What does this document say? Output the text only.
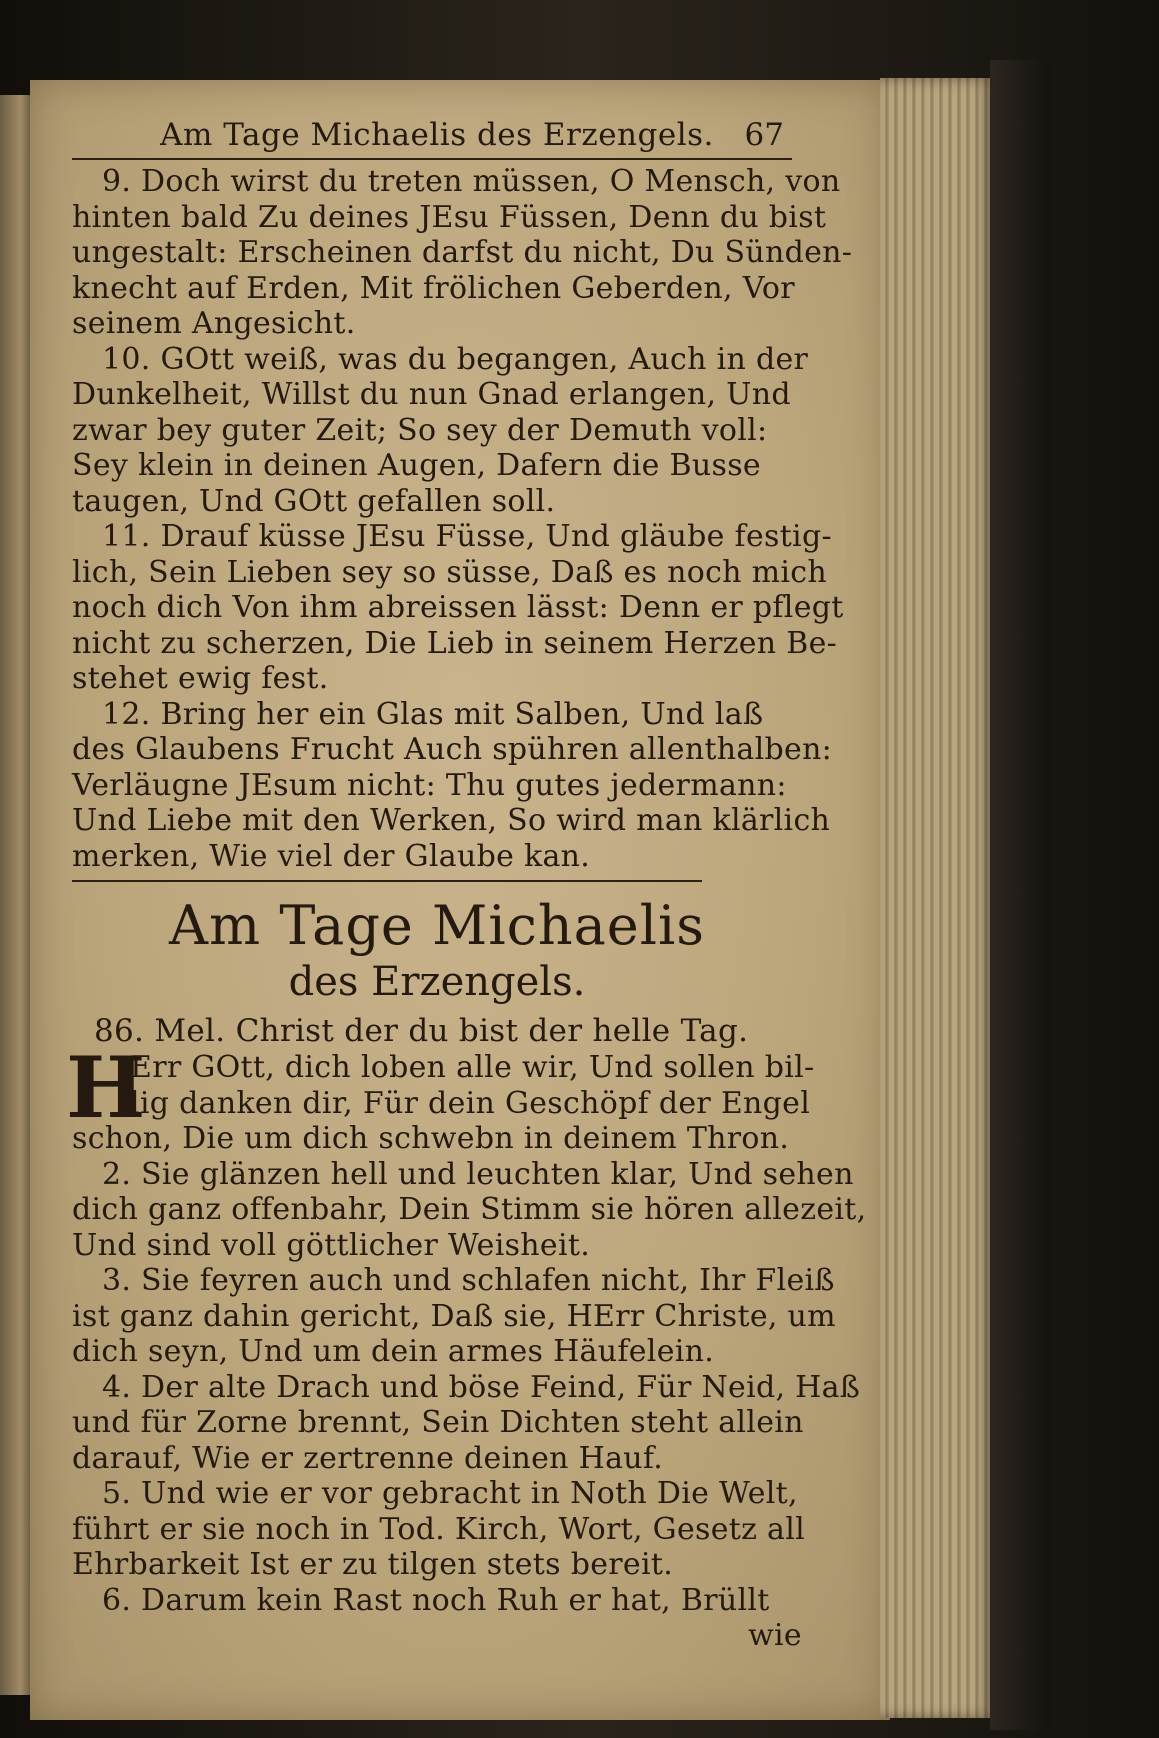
Am Tage Michaelis des Erzengels. 67
9. Doch wirst du treten müssen, O Mensch, von
hinten bald Zu deines JEsu Füssen, Denn du bist
ungestalt: Erscheinen darfst du nicht, Du Sünden-
knecht auf Erden, Mit frölichen Geberden, Vor
seinem Angesicht.
10. GOtt weiß, was du begangen, Auch in der
Dunkelheit, Willst du nun Gnad erlangen, Und
zwar bey guter Zeit; So sey der Demuth voll:
Sey klein in deinen Augen, Dafern die Busse
taugen, Und GOtt gefallen soll.
11. Drauf küsse JEsu Füsse, Und gläube festig-
lich, Sein Lieben sey so süsse, Daß es noch mich
noch dich Von ihm abreissen lässt: Denn er pflegt
nicht zu scherzen, Die Lieb in seinem Herzen Be-
stehet ewig fest.
12. Bring her ein Glas mit Salben, Und laß
des Glaubens Frucht Auch spühren allenthalben:
Verläugne JEsum nicht: Thu gutes jedermann:
Und Liebe mit den Werken, So wird man klärlich
merken, Wie viel der Glaube kan.
Am Tage Michaelis
des Erzengels.
86. Mel. Christ der du bist der helle Tag.
H
Err GOtt, dich loben alle wir, Und sollen bil-
lig danken dir, Für dein Geschöpf der Engel
schon, Die um dich schwebn in deinem Thron.
2. Sie glänzen hell und leuchten klar, Und sehen
dich ganz offenbahr, Dein Stimm sie hören allezeit,
Und sind voll göttlicher Weisheit.
3. Sie feyren auch und schlafen nicht, Ihr Fleiß
ist ganz dahin gericht, Daß sie, HErr Christe, um
dich seyn, Und um dein armes Häufelein.
4. Der alte Drach und böse Feind, Für Neid, Haß
und für Zorne brennt, Sein Dichten steht allein
darauf, Wie er zertrenne deinen Hauf.
5. Und wie er vor gebracht in Noth Die Welt,
führt er sie noch in Tod. Kirch, Wort, Gesetz all
Ehrbarkeit Ist er zu tilgen stets bereit.
6. Darum kein Rast noch Ruh er hat, Brüllt
wie
